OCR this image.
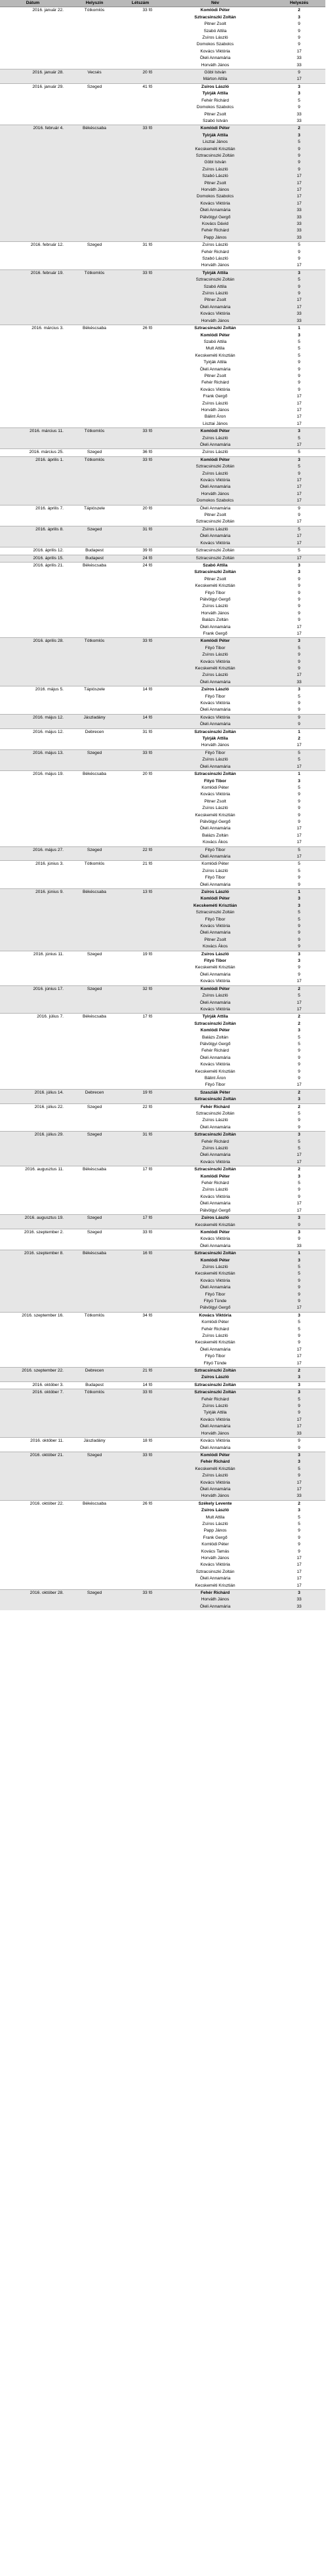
Dátum	Helyszín	Létszám	Név	Helyezés
2016. január 22.	Tótkomlós	33 fő	Komlódi Péter	2
			Sztracsinszki Zoltán	3
			Pitner Zsolt	9
			Szabó Attila	9
			Zsíros László	9
			Domokos Szabolcs	9
			Kovács Viktória	17
			Öleli Annamária	33
			Horváth János	33
2016. január 28.	Vecsés	20 fő	Göbl István	9
			Márton Attila	17
2016. január 29.	Szeged	41 fő	Zsíros László	3
			Tyirják Attila	3
			Fehér Richárd	5
			Domokos Szabolcs	9
			Pitner Zsolt	33
			Szabó István	33
2016. február 4.	Békéscsaba	33 fő	Komlódi Péter	2
			Tyirják Attila	3
			Lisztai János	5
			Kecskeméti Krisztián	9
			Sztracsinszki Zoltán	9
			Göbl István	9
			Zsíros László	9
			Szabó László	17
			Pitner Zsolt	17
			Horváth János	17
			Domokos Szabolcs	17
			Kovács Viktória	17
			Öleli Annamária	33
			Pálvölgyi Gergő	33
			Kovács Dávid	33
			Fehér Richárd	33
			Papp János	33
2016. február 12.	Szeged	31 fő	Zsíros László	5
			Fehér Richárd	9
			Szabó László	9
			Horváth János	17
2016. február 19.	Tótkomlós	33 fő	Tyirják Attila	3
			Sztracsinszki Zoltán	5
			Szabó Attila	9
			Zsíros László	9
			Pitner Zsolt	17
			Öleli Annamária	17
			Kovács Viktória	33
			Horváth János	33
2016. március 3.	Békéscsaba	26 fő	Sztracsinszki Zoltán	1
			Komlódi Péter	3
			Szabó Attila	5
			Mult Attila	5
			Kecskeméti Krisztián	5
			Tyirják Attila	9
			Öleli Annamária	9
			Pitner Zsolt	9
			Fehér Richárd	9
			Kovács Viktória	9
			Frank Gergő	17
			Zsíros László	17
			Horváth János	17
			Bálint Áron	17
			Lisztai János	17
2016. március 11.	Tótkomlós	33 fő	Komlódi Péter	3
			Zsíros László	5
			Öleli Annamária	17
2016. március 25.	Szeged	36 fő	Zsíros László	5
2016. április 1.	Tótkomlós	33 fő	Komlódi Péter	3
			Sztracsinszki Zoltán	5
			Zsíros László	9
			Kovács Viktória	17
			Öleli Annamária	17
			Horváth János	17
			Domokos Szabolcs	17
2016. április 7.	Tápiószele	20 fő	Öleli Annamária	9
			Pitner Zsolt	9
			Sztracsinszki Zoltán	17
2016. április 8.	Szeged	31 fő	Zsíros László	5
			Öleli Annamária	17
			Kovács Viktória	17
2016. április 12.	Budapest	39 fő	Sztracsinszki Zoltán	5
2016. április 15.	Budapest	24 fő	Sztracsinszki Zoltán	17
2016. április 21.	Békéscsaba	24 fő	Szabó Attila	3
			Sztracsinszki Zoltán	3
			Pitner Zsolt	9
			Kecskeméti Krisztián	9
			Fityó Tibor	9
			Pálvölgyi Gergő	9
			Zsíros László	9
			Horváth János	9
			Balázs Zoltán	9
			Öleli Annamária	17
			Frank Gergő	17
2016. április 28.	Tótkomlós	33 fő	Komlódi Péter	3
			Fityó Tibor	5
			Zsíros László	9
			Kovács Viktória	9
			Kecskeméti Krisztián	9
			Zsíros László	17
			Öleli Annamária	33
2016. május 5.	Tápiószele	14 fő	Zsíros László	3
			Fityó Tibor	5
			Kovács Viktória	9
			Öleli Annamária	9
2016. május 12.	Jászladány	14 fő	Kovács Viktória	9
			Öleli Annamária	9
2016. május 12.	Debrecen	31 fő	Sztracsinszki Zoltán	1
			Tyirják Attila	2
			Horváth János	17
2016. május 13.	Szeged	33 fő	Fityó Tibor	5
			Zsíros László	5
			Öleli Annamária	17
2016. május 19.	Békéscsaba	20 fő	Sztracsinszki Zoltán	1
			Fityó Tibor	3
			Komlódi Péter	5
			Kovács Viktória	9
			Pitner Zsolt	9
			Zsíros László	9
			Kecskeméti Krisztián	9
			Pálvölgyi Gergő	9
			Öleli Annamária	17
			Balázs Zoltán	17
			Kovács Ákos	17
2016. május 27.	Szeged	22 fő	Fityó Tibor	5
			Öleli Annamária	17
2016. június 3.	Tótkomlós	21 fő	Komlódi Péter	5
			Zsíros László	5
			Fityó Tibor	9
			Öleli Annamária	9
2016. június 9.	Békéscsaba	13 fő	Zsíros László	1
			Komlódi Péter	3
			Kecskeméti Krisztián	3
			Sztracsinszki Zoltán	5
			Fityó Tibor	5
			Kovács Viktória	9
			Öleli Annamária	9
			Pitner Zsolt	9
			Kovács Ákos	9
2016. június 11.	Szeged	19 fő	Zsíros László	3
			Fityó Tibor	3
			Kecskeméti Krisztián	9
			Öleli Annamária	9
			Kovács Viktória	17
2016. június 17.	Szeged	32 fő	Komlódi Péter	2
			Zsíros László	5
			Öleli Annamária	17
			Kovács Viktória	17
2016. július 7.	Békéscsaba	17 fő	Tyirják Attila	2
			Sztracsinszki Zoltán	2
			Komlódi Péter	3
			Balázs Zoltán	5
			Pálvölgyi Gergő	5
			Fehér Richárd	9
			Öleli Annamária	9
			Kovács Viktória	9
			Kecskeméti Krisztián	9
			Bálint Áron	9
			Fityó Tibor	17
2016. július 14.	Debrecen	19 fő	Szasziák Péter	2
			Sztracsinszki Zoltán	3
2016. július 22.	Szeged	22 fő	Fehér Richárd	2
			Sztracsinszki Zoltán	5
			Zsíros László	9
			Öleli Annamária	9
2016. július 29.	Szeged	31 fő	Sztracsinszki Zoltán	3
			Fehér Richárd	5
			Zsíros László	5
			Öleli Annamária	17
			Kovács Viktória	17
2016. augusztus 11.	Békéscsaba	17 fő	Sztracsinszki Zoltán	2
			Komlódi Péter	3
			Fehér Richárd	5
			Zsíros László	9
			Kovács Viktória	9
			Öleli Annamária	17
			Pálvölgyi Gergő	17
2016. augusztus 19.	Szeged	17 fő	Zsíros László	3
			Kecskeméti Krisztián	9
2016. szeptember 2.	Szeged	33 fő	Komlódi Péter	3
			Kovács Viktória	9
			Öleli Annamária	33
2016. szeptember 8.	Békéscsaba	16 fő	Sztracsinszki Zoltán	1
			Komlódi Péter	3
			Zsíros László	5
			Kecskeméti Krisztián	5
			Kovács Viktória	9
			Öleli Annamária	9
			Fityó Tibor	9
			Fityó Tünde	9
			Pálvölgyi Gergő	17
2016. szeptember 16.	Tótkomlós	34 fő	Kovács Viktória	3
			Komlódi Péter	5
			Fehér Richárd	5
			Zsíros László	9
			Kecskeméti Krisztián	9
			Öleli Annamária	17
			Fityó Tibor	17
			Fityó Tünde	17
2016. szeptember 22.	Debrecen	21 fő	Sztracsinszki Zoltán	2
			Zsíros László	3
2016. október 3.	Budapest	14 fő	Sztracsinszki Zoltán	3
2016. október 7.	Tótkomlós	33 fő	Sztracsinszki Zoltán	3
			Fehér Richárd	5
			Zsíros László	9
			Tyirják Attila	9
			Kovács Viktória	17
			Öleli Annamária	17
			Horváth János	33
2016. október 11.	Jászladány	18 fő	Kovács Viktória	9
			Öleli Annamária	9
2016. október 21.	Szeged	33 fő	Komlódi Péter	3
			Fehér Richárd	3
			Kecskeméti Krisztián	5
			Zsíros László	9
			Kovács Viktória	17
			Öleli Annamária	17
			Horváth János	33
2016. október 22.	Békéscsaba	26 fő	Székely Levente	2
			Zsíros László	3
			Mult Attila	5
			Zsíros László	5
			Papp János	9
			Frank Gergő	9
			Komlódi Péter	9
			Kovács Tamás	9
			Horváth János	17
			Kovács Viktória	17
			Sztracsinszki Zoltán	17
			Öleli Annamária	17
			Kecskeméti Krisztián	17
2016. október 28.	Szeged	33 fő	Fehér Richárd	3
			Horváth János	33
			Öleli Annamária	33
